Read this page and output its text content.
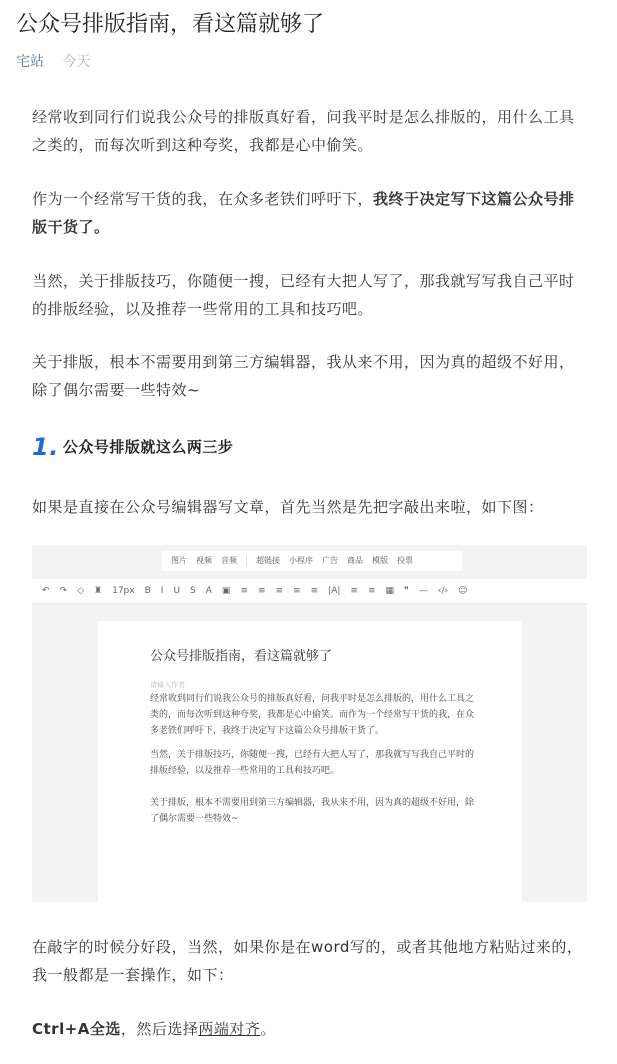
公众号排版指南，看这篇就够了
宅站 今天

经常收到同行们说我公众号的排版真好看，问我平时是怎么排版的，用什么工具之类的，而每次听到这种夸奖，我都是心中偷笑。

作为一个经常写干货的我，在众多老铁们呼吁下，我终于决定写下这篇公众号排版干货了。

当然，关于排版技巧，你随便一搜，已经有大把人写了，那我就写写我自己平时的排版经验，以及推荐一些常用的工具和技巧吧。

关于排版，根本不需要用到第三方编辑器，我从来不用，因为真的超级不好用，除了偶尔需要一些特效~

1. 公众号排版就这么两三步

如果是直接在公众号编辑器写文章，首先当然是先把字敲出来啦，如下图：

图片 视频 音频 超链接 小程序 广告 商品 模版 投票
↶ ↷ ◇ ♜ 17px B I U S A ▣ ≡ ≡ ≡ ≡ ≡ |A| ≡ ≡ ▦ ❞ — ‹/› ☺
公众号排版指南，看这篇就够了
请输入作者
经常收到同行们说我公众号的排版真好看，问我平时是怎么排版的，用什么工具之类的，而每次听到这种夸奖，我都是心中偷笑。而作为一个经常写干货的我，在众多老铁们呼吁下，我终于决定写下这篇公众号排版干货了。
当然，关于排版技巧，你随便一搜，已经有大把人写了，那我就写写我自己平时的排版经验，以及推荐一些常用的工具和技巧吧。
关于排版，根本不需要用到第三方编辑器，我从来不用，因为真的超级不好用，除了偶尔需要一些特效~

在敲字的时候分好段，当然，如果你是在word写的，或者其他地方粘贴过来的，我一般都是一套操作，如下：

Ctrl+A全选，然后选择两端对齐。
